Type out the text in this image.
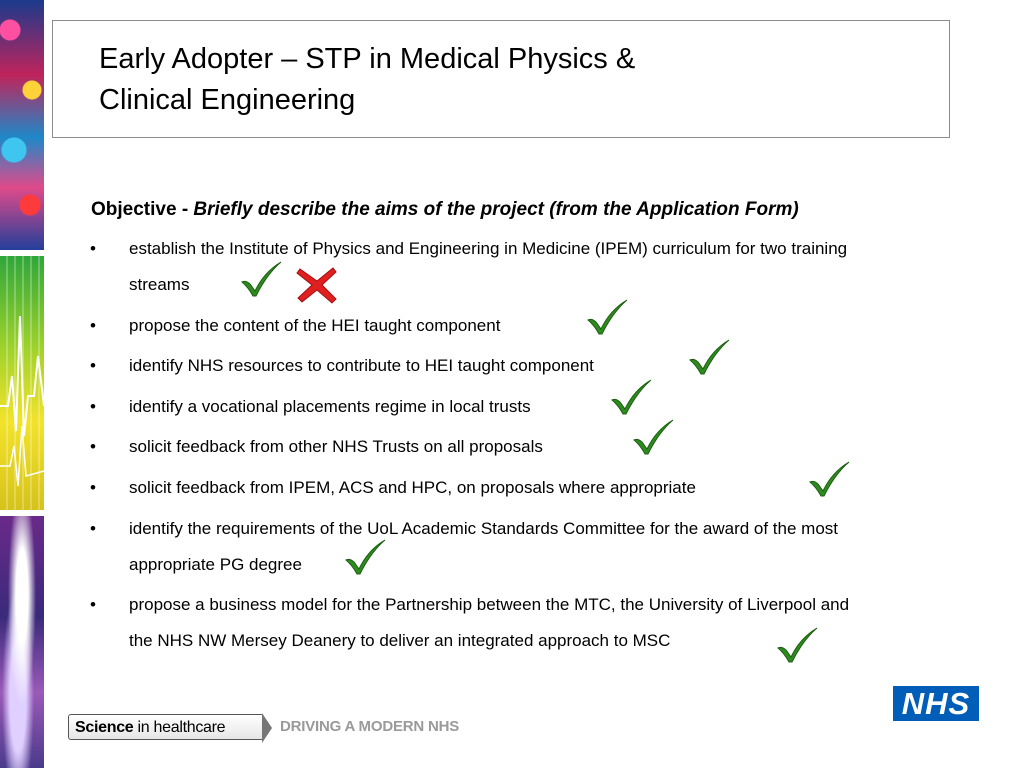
Early Adopter – STP in Medical Physics &
Clinical Engineering
Objective - Briefly describe the aims of the project (from the Application Form)
• establish the Institute of Physics and Engineering in Medicine (IPEM) curriculum for two training
streams
• propose the content of the HEI taught component
• identify NHS resources to contribute to HEI taught component
• identify a vocational placements regime in local trusts
• solicit feedback from other NHS Trusts on all proposals
• solicit feedback from IPEM, ACS and HPC, on proposals where appropriate
• identify the requirements of the UoL Academic Standards Committee for the award of the most
appropriate PG degree
• propose a business model for the Partnership between the MTC, the University of Liverpool and
the NHS NW Mersey Deanery to deliver an integrated approach to MSC
Science in healthcare	DRIVING A MODERN NHS
NHS
